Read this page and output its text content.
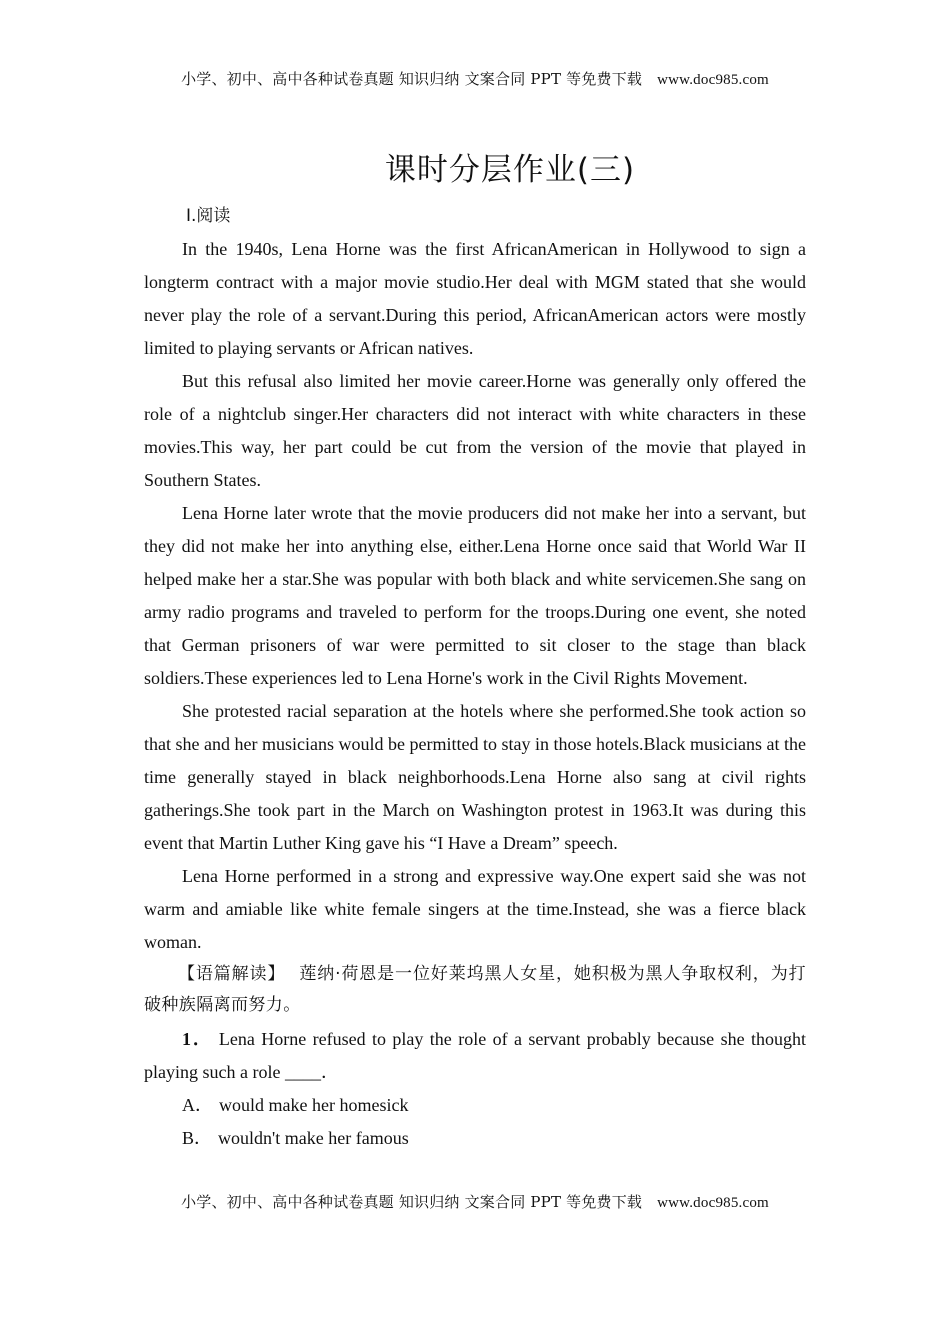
小学、初中、高中各种试卷真题 知识归纳 文案合同 PPT 等免费下载 www.doc985.com
课时分层作业(三)
Ⅰ.阅读

In the 1940s, Lena Horne was the first AfricanAmerican in Hollywood to sign a longterm contract with a major movie studio.Her deal with MGM stated that she would never play the role of a servant.During this period, AfricanAmerican actors were mostly limited to playing servants or African natives.

But this refusal also limited her movie career.Horne was generally only offered the role of a nightclub singer.Her characters did not interact with white characters in these movies.This way, her part could be cut from the version of the movie that played in Southern States.

Lena Horne later wrote that the movie producers did not make her into a servant, but they did not make her into anything else, either.Lena Horne once said that World War II helped make her a star.She was popular with both black and white servicemen.She sang on army radio programs and traveled to perform for the troops.During one event, she noted that German prisoners of war were permitted to sit closer to the stage than black soldiers.These experiences led to Lena Horne's work in the Civil Rights Movement.

She protested racial separation at the hotels where she performed.She took action so that she and her musicians would be permitted to stay in those hotels.Black musicians at the time generally stayed in black neighborhoods.Lena Horne also sang at civil rights gatherings.She took part in the March on Washington protest in 1963.It was during this event that Martin Luther King gave his “I Have a Dream” speech.

Lena Horne performed in a strong and expressive way.One expert said she was not warm and amiable like white female singers at the time.Instead, she was a fierce black woman.

【语篇解读】 莲纳·荷恩是一位好莱坞黑人女星，她积极为黑人争取权利，为打破种族隔离而努力。

1． Lena Horne refused to play the role of a servant probably because she thought playing such a role ____．

A． would make her homesick

B． wouldn't make her famous

小学、初中、高中各种试卷真题 知识归纳 文案合同 PPT 等免费下载 www.doc985.com
